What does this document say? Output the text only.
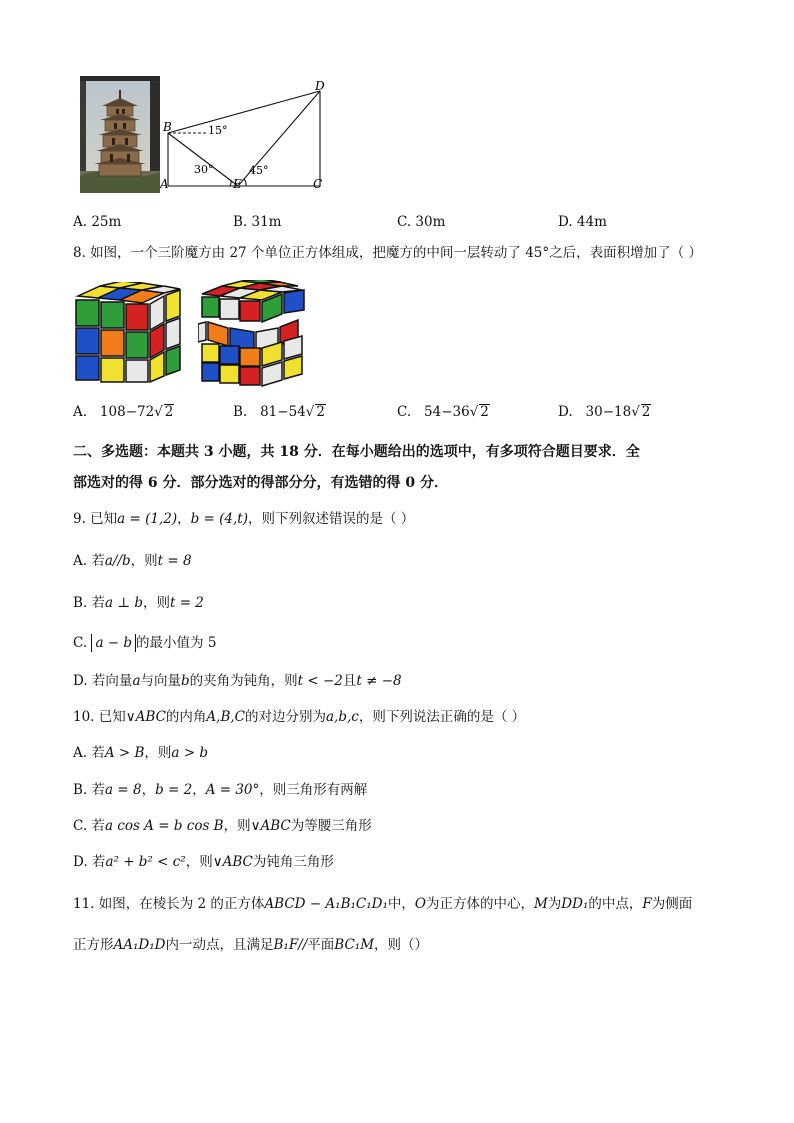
D
B
A	E	C
15°
30°	45°
A. 25m	B. 31m	C. 30m	D. 44m
8. 如图，一个三阶魔方由 27 个单位正方体组成，把魔方的中间一层转动了 45°之后，表面积增加了（ ）
A. 108−72√ 2	B. 81−54√ 2	C. 54−36√ 2	D. 30−18√ 2
二、多选题：本题共 3 小题，共 18 分．在每小题给出的选项中，有多项符合题目要求．全
部选对的得 6 分．部分选对的得部分分，有选错的得 0 分．
9. 已知a = (1,2)，b = (4,t)，则下列叙述错误的是（ ）
A. 若a//b，则t = 8
B. 若a ⊥ b，则t = 2
C. a − b 的最小值为 5
D. 若向量a与向量b的夹角为钝角，则t < −2且t ≠ −8
10. 已知∨ABC的内角A,B,C的对边分别为a,b,c，则下列说法正确的是（ ）
A. 若A > B，则a > b
B. 若a = 8，b = 2，A = 30°，则三角形有两解
C. 若a cos A = b cos B，则∨ABC为等腰三角形
D. 若a² + b² < c²，则∨ABC为钝角三角形
11. 如图，在棱长为 2 的正方体ABCD − A₁B₁C₁D₁中，O为正方体的中心，M为DD₁的中点，F为侧面
正方形AA₁D₁D内一动点，且满足B₁F//平面BC₁M，则（）
